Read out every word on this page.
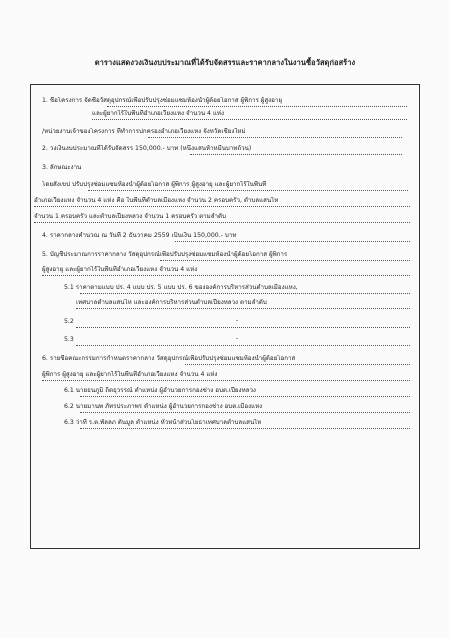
ตารางแสดงวงเงินงบประมาณที่ได้รับจัดสรรและราคากลางในงานซื้อวัสดุก่อสร้าง
1. ชื่อโครงการ จัดซื้อวัสดุอุปกรณ์เพื่อปรับปรุงซ่อมแซมห้องน้ำผู้ด้อยโอกาส ผู้พิการ ผู้สูงอายุ
และผู้ยากไร้ในพื้นที่อำเภอเวียงแหง จำนวน 4 แห่ง
/หน่วยงานเจ้าของโครงการ ที่ทำการปกครองอำเภอเวียงแหง จังหวัดเชียงใหม่
2. วงเงินงบประมาณที่ได้รับจัดสรร 150,000.- บาท (หนึ่งแสนห้าหมื่นบาทถ้วน)
3. ลักษณะงาน
โดยสังเขป ปรับปรุงซ่อมแซมห้องน้ำผู้ด้อยโอกาส ผู้พิการ ผู้สูงอายุ และผู้ยากไร้ในพื้นที่
อำเภอเวียงแหง จำนวน 4 แห่ง คือ ในพื้นที่ตำบลเมืองแหง จำนวน 2 ครอบครัว, ตำบลแสนไห
จำนวน 1 ครอบครัว และตำบลเปียงหลวง จำนวน 1 ครอบครัว ตามลำดับ
4. ราคากลางคำนวณ ณ วันที่ 2 ธันวาคม 2559 เป็นเงิน 150,000.- บาท
5. บัญชีประมาณการราคากลาง วัสดุอุปกรณ์เพื่อปรับปรุงซ่อมแซมห้องน้ำผู้ด้อยโอกาส ผู้พิการ
ผู้สูงอายุ และผู้ยากไร้ในพื้นที่อำเภอเวียงแหง จำนวน 4 แห่ง
5.1 ราคาตามแบบ ปร. 4 แบบ ปร. 5 แบบ ปร. 6 ขององค์การบริหารส่วนตำบลเมืองแหง,
เทศบาลตำบลแสนไห และองค์การบริหารส่วนตำบลเปียงหลวง ตามลำดับ
5.2	-
5.3	-
6. รายชื่อคณะกรรมการกำหนดราคากลาง วัสดุอุปกรณ์เพื่อปรับปรุงซ่อมแซมห้องน้ำผู้ด้อยโอกาส
ผู้พิการ ผู้สูงอายุ และผู้ยากไร้ในพื้นที่อำเภอเวียงแหง จำนวน 4 แห่ง
6.1 นายธนภูมิ ถิตธุวรรณ์ ตำแหน่ง ผู้อำนวยการกองช่าง อบต.เปียงหลวง
6.2 นายมานพ ภัทรประภาพร ตำแหน่ง ผู้อำนวยการกองช่าง อบต.เมืองแหง
6.3 ว่าที่ ร.ต.พัลลภ ตันมูล ตำแหน่ง หัวหน้าส่วนโยธาเทศบาลตำบลแสนไห
